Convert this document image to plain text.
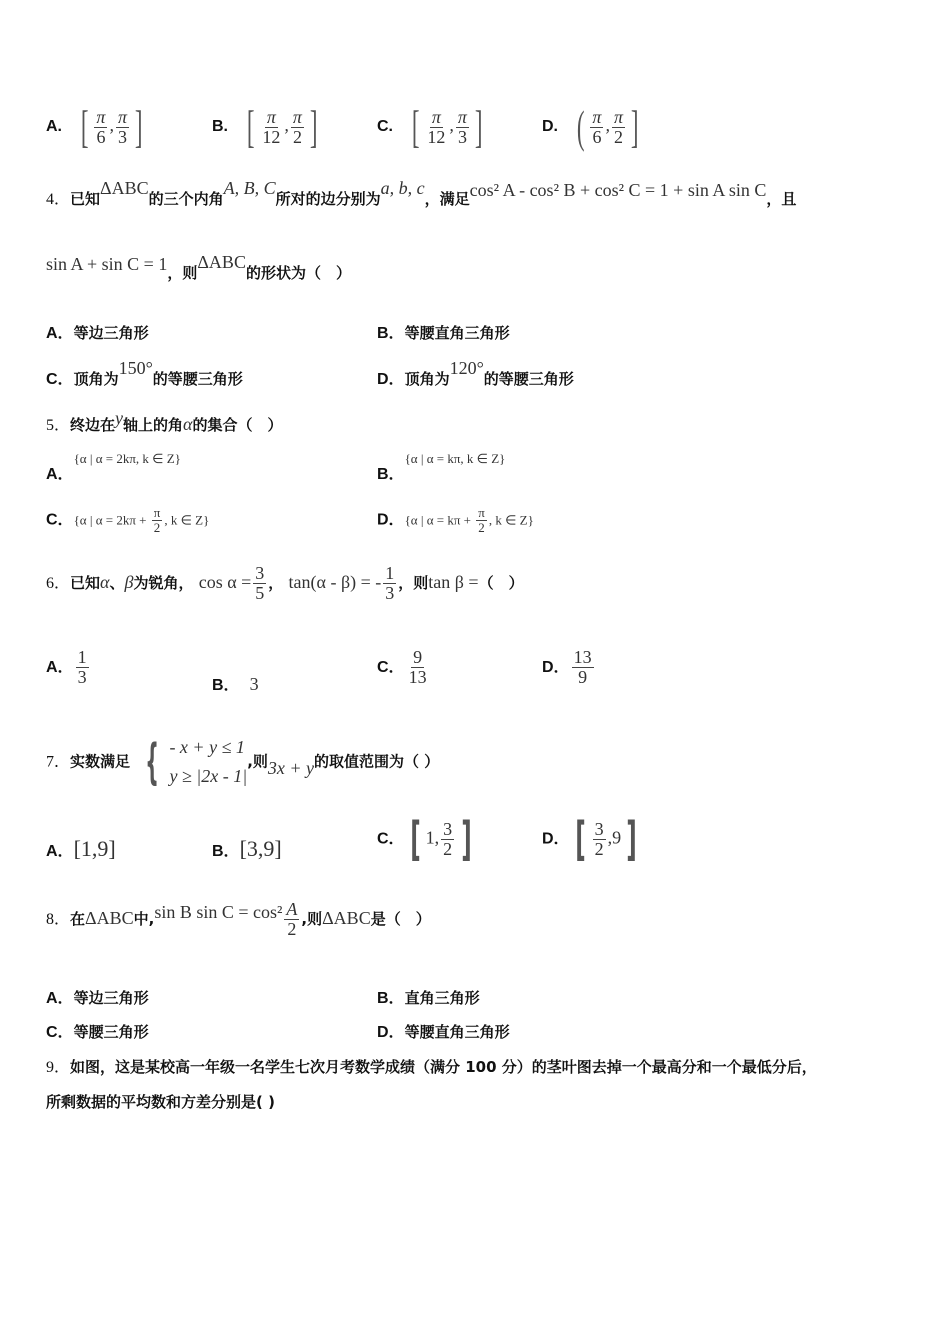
A. [ $\frac{\pi}{6}$ , $\frac{\pi}{3}$ ]	B. [ $\frac{\pi}{12}$ , $\frac{\pi}{2}$ ]	C. [ $\frac{\pi}{12}$ , $\frac{\pi}{3}$ ]	D. ( $\frac{\pi}{6}$ , $\frac{\pi}{2}$ ]
4．已知ΔABC的三个内角A, B, C所对的边分别为a, b, c，满足cos² A - cos² B + cos² C = 1 + sin A sin C，且
sin A + sin C = 1，则ΔABC的形状为（　）
A．等边三角形	B．等腰直角三角形
C．顶角为150°的等腰三角形	D．顶角为120°的等腰三角形
5．终边在y轴上的角α的集合（　）
A．{α | α = 2kπ, k ∈ Z}
B．{α | α = kπ, k ∈ Z}
C．{α | $\alpha = 2k\pi + \frac{\pi}{2}$ , k ∈ Z}	D．{α | $\alpha = k\pi + \frac{\pi}{2}$ , k ∈ Z}
6．已知α、β为锐角， $\cos \alpha = \frac{3}{5}$ ， tan(α - β) = - $\frac{1}{3}$ ，则tan β =（　）
A． $\frac{1}{3}$	B． 3
C． $\frac{9}{13}$	D． $\frac{13}{9}$
7．实数满足 { - x + y ≤ 1
y ≥ |2x - 1|
,则3x + y的取值范围为（ ）
A．[1,9]	B．[3,9]	C． [ 1, $\frac{3}{2}$ ]	D． [ $\frac{3}{2} ,9$ ]
8．在ΔABC中,sin B $\sin C = \cos^2 \frac{A}{2}$ ,则ΔABC是（　）
A．等边三角形	B．直角三角形
C．等腰三角形	D．等腰直角三角形
9．如图，这是某校高一年级一名学生七次月考数学成绩（满分 100 分）的茎叶图去掉一个最高分和一个最低分后，
所剩数据的平均数和方差分别是( )
